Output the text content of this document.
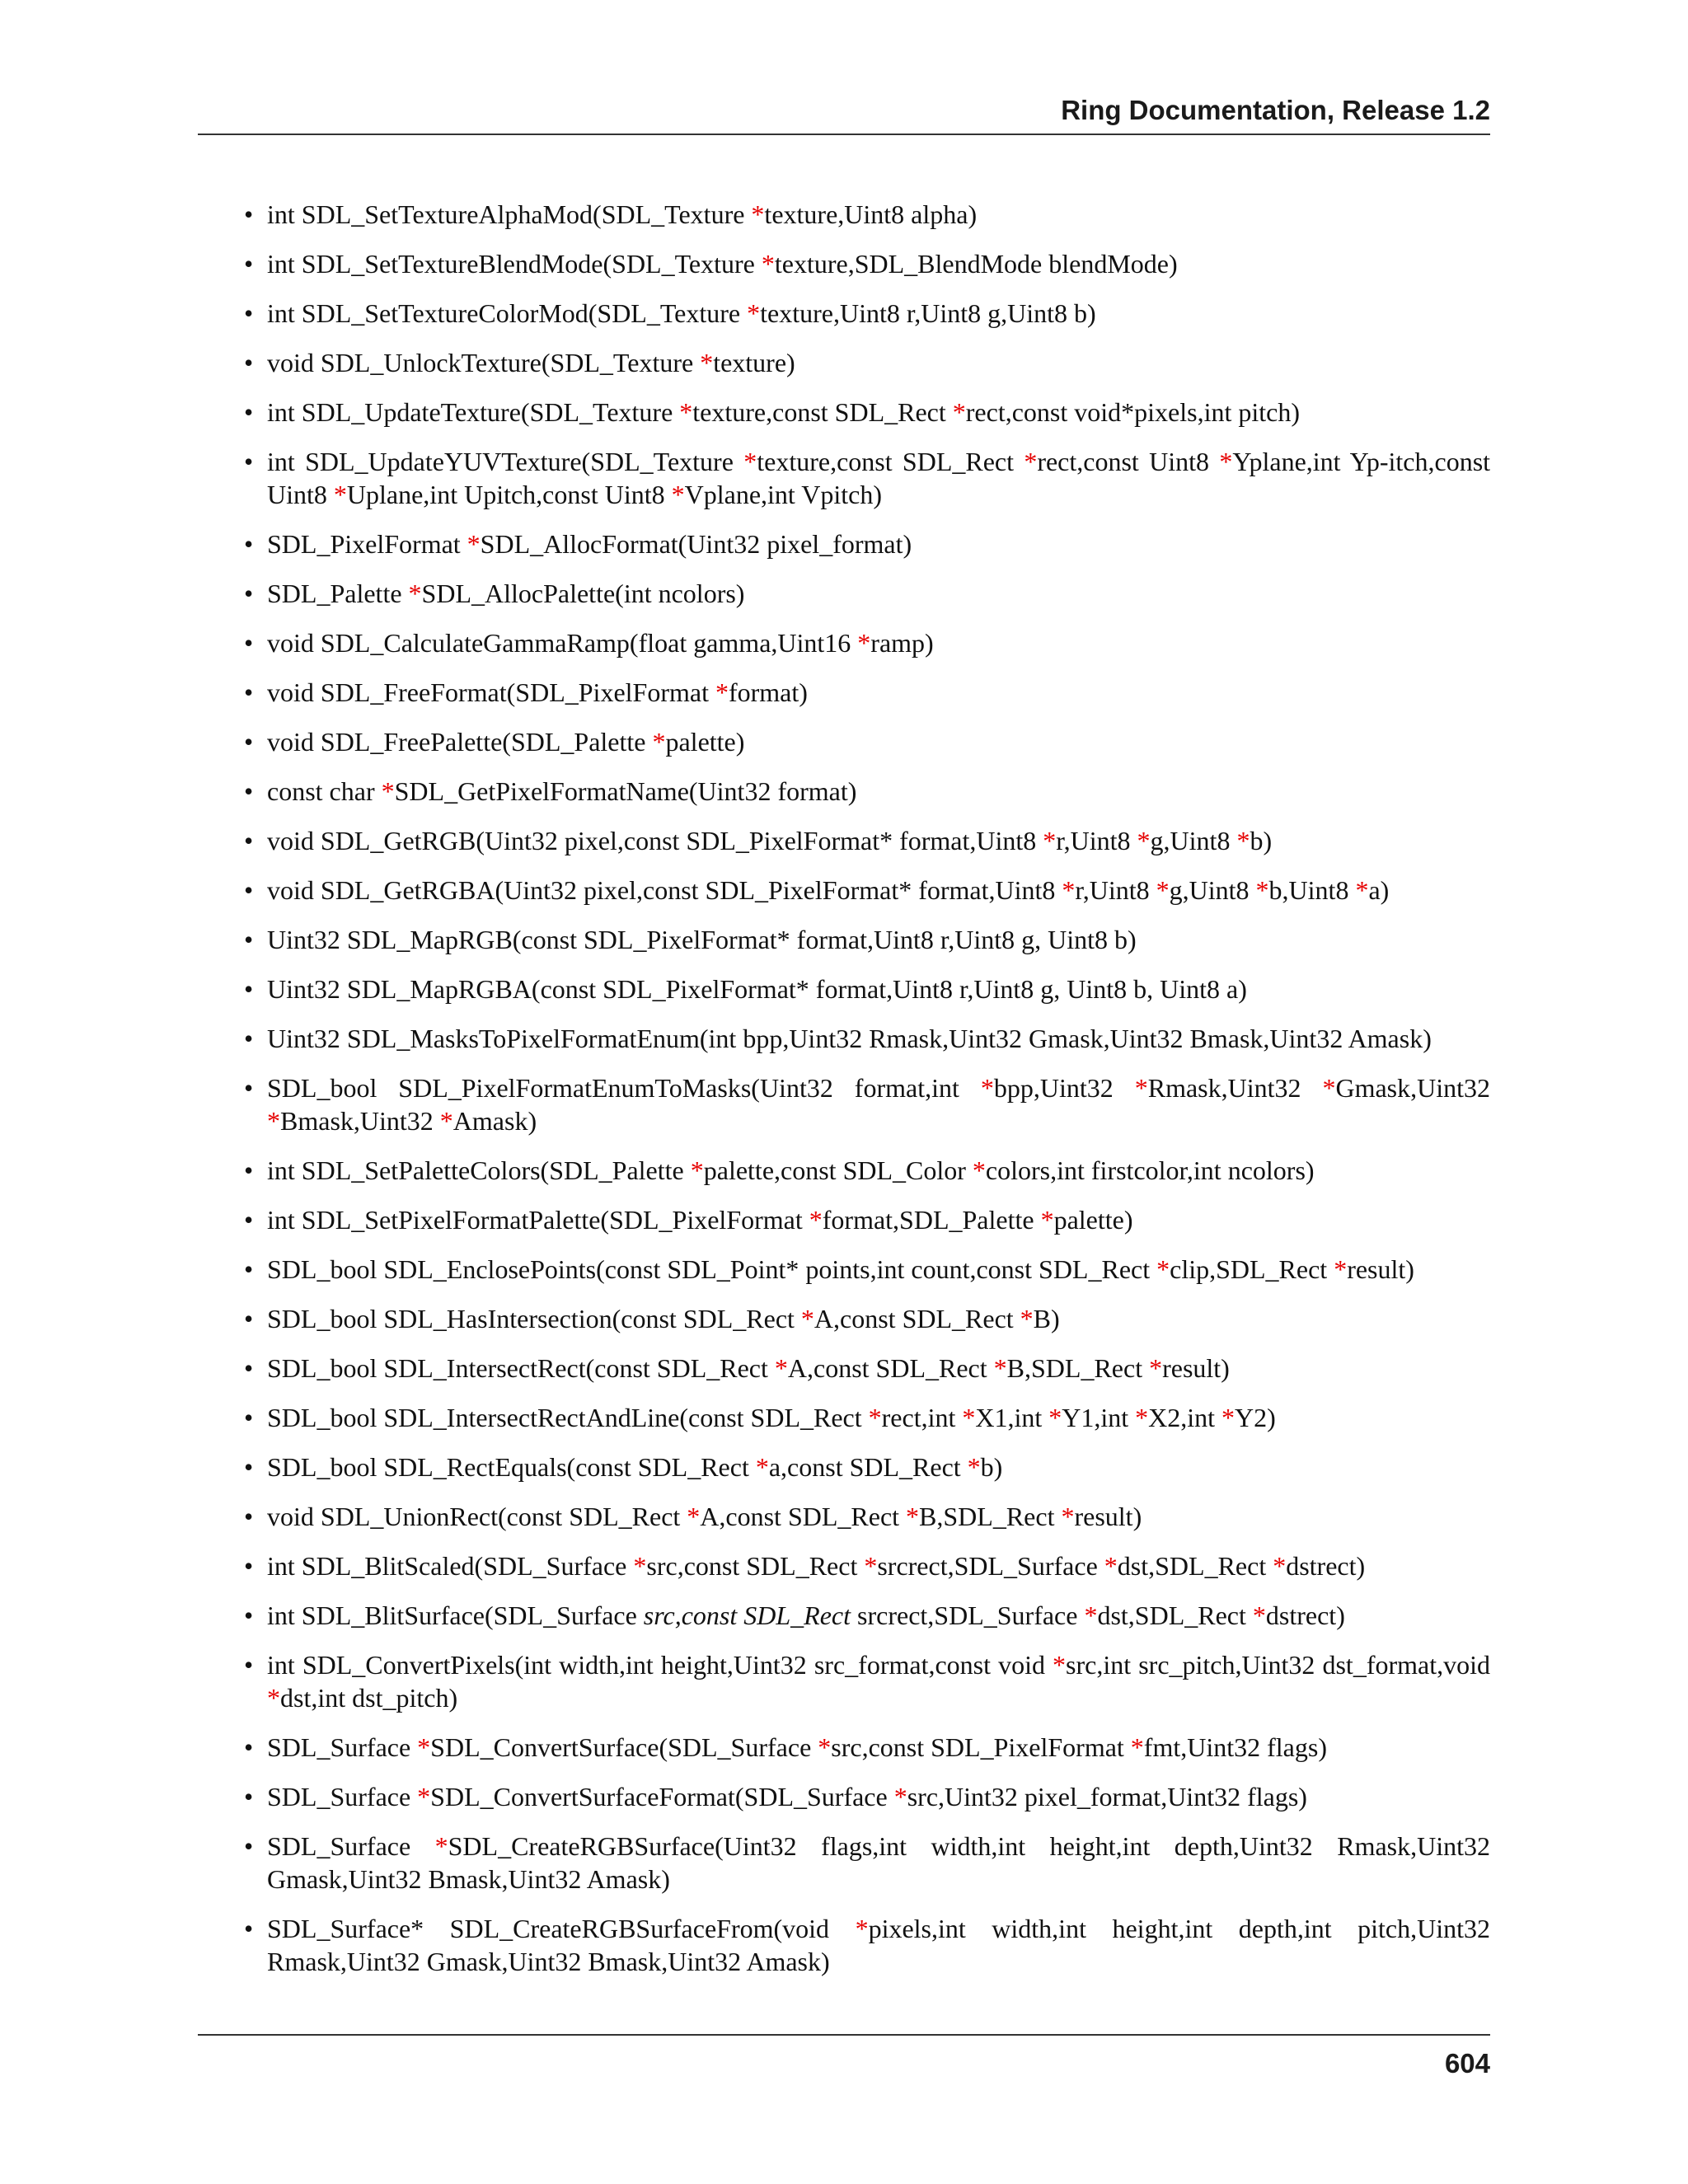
Ring Documentation, Release 1.2
• int SDL_SetTextureAlphaMod(SDL_Texture *texture,Uint8 alpha)
• int SDL_SetTextureBlendMode(SDL_Texture *texture,SDL_BlendMode blendMode)
• int SDL_SetTextureColorMod(SDL_Texture *texture,Uint8 r,Uint8 g,Uint8 b)
• void SDL_UnlockTexture(SDL_Texture *texture)
• int SDL_UpdateTexture(SDL_Texture *texture,const SDL_Rect *rect,const void*pixels,int pitch)
• int SDL_UpdateYUVTexture(SDL_Texture *texture,const SDL_Rect *rect,const Uint8 *Yplane,int Yp-itch,const Uint8 *Uplane,int Upitch,const Uint8 *Vplane,int Vpitch)
• SDL_PixelFormat *SDL_AllocFormat(Uint32 pixel_format)
• SDL_Palette *SDL_AllocPalette(int ncolors)
• void SDL_CalculateGammaRamp(float gamma,Uint16 *ramp)
• void SDL_FreeFormat(SDL_PixelFormat *format)
• void SDL_FreePalette(SDL_Palette *palette)
• const char *SDL_GetPixelFormatName(Uint32 format)
• void SDL_GetRGB(Uint32 pixel,const SDL_PixelFormat* format,Uint8 *r,Uint8 *g,Uint8 *b)
• void SDL_GetRGBA(Uint32 pixel,const SDL_PixelFormat* format,Uint8 *r,Uint8 *g,Uint8 *b,Uint8 *a)
• Uint32 SDL_MapRGB(const SDL_PixelFormat* format,Uint8 r,Uint8 g, Uint8 b)
• Uint32 SDL_MapRGBA(const SDL_PixelFormat* format,Uint8 r,Uint8 g, Uint8 b, Uint8 a)
• Uint32 SDL_MasksToPixelFormatEnum(int bpp,Uint32 Rmask,Uint32 Gmask,Uint32 Bmask,Uint32 Amask)
• SDL_bool SDL_PixelFormatEnumToMasks(Uint32 format,int *bpp,Uint32 *Rmask,Uint32 *Gmask,Uint32 *Bmask,Uint32 *Amask)
• int SDL_SetPaletteColors(SDL_Palette *palette,const SDL_Color *colors,int firstcolor,int ncolors)
• int SDL_SetPixelFormatPalette(SDL_PixelFormat *format,SDL_Palette *palette)
• SDL_bool SDL_EnclosePoints(const SDL_Point* points,int count,const SDL_Rect *clip,SDL_Rect *result)
• SDL_bool SDL_HasIntersection(const SDL_Rect *A,const SDL_Rect *B)
• SDL_bool SDL_IntersectRect(const SDL_Rect *A,const SDL_Rect *B,SDL_Rect *result)
• SDL_bool SDL_IntersectRectAndLine(const SDL_Rect *rect,int *X1,int *Y1,int *X2,int *Y2)
• SDL_bool SDL_RectEquals(const SDL_Rect *a,const SDL_Rect *b)
• void SDL_UnionRect(const SDL_Rect *A,const SDL_Rect *B,SDL_Rect *result)
• int SDL_BlitScaled(SDL_Surface *src,const SDL_Rect *srcrect,SDL_Surface *dst,SDL_Rect *dstrect)
• int SDL_BlitSurface(SDL_Surface src,const SDL_Rect srcrect,SDL_Surface *dst,SDL_Rect *dstrect)
• int SDL_ConvertPixels(int width,int height,Uint32 src_format,const void *src,int src_pitch,Uint32 dst_format,void *dst,int dst_pitch)
• SDL_Surface *SDL_ConvertSurface(SDL_Surface *src,const SDL_PixelFormat *fmt,Uint32 flags)
• SDL_Surface *SDL_ConvertSurfaceFormat(SDL_Surface *src,Uint32 pixel_format,Uint32 flags)
• SDL_Surface *SDL_CreateRGBSurface(Uint32 flags,int width,int height,int depth,Uint32 Rmask,Uint32 Gmask,Uint32 Bmask,Uint32 Amask)
• SDL_Surface* SDL_CreateRGBSurfaceFrom(void *pixels,int width,int height,int depth,int pitch,Uint32 Rmask,Uint32 Gmask,Uint32 Bmask,Uint32 Amask)
604
